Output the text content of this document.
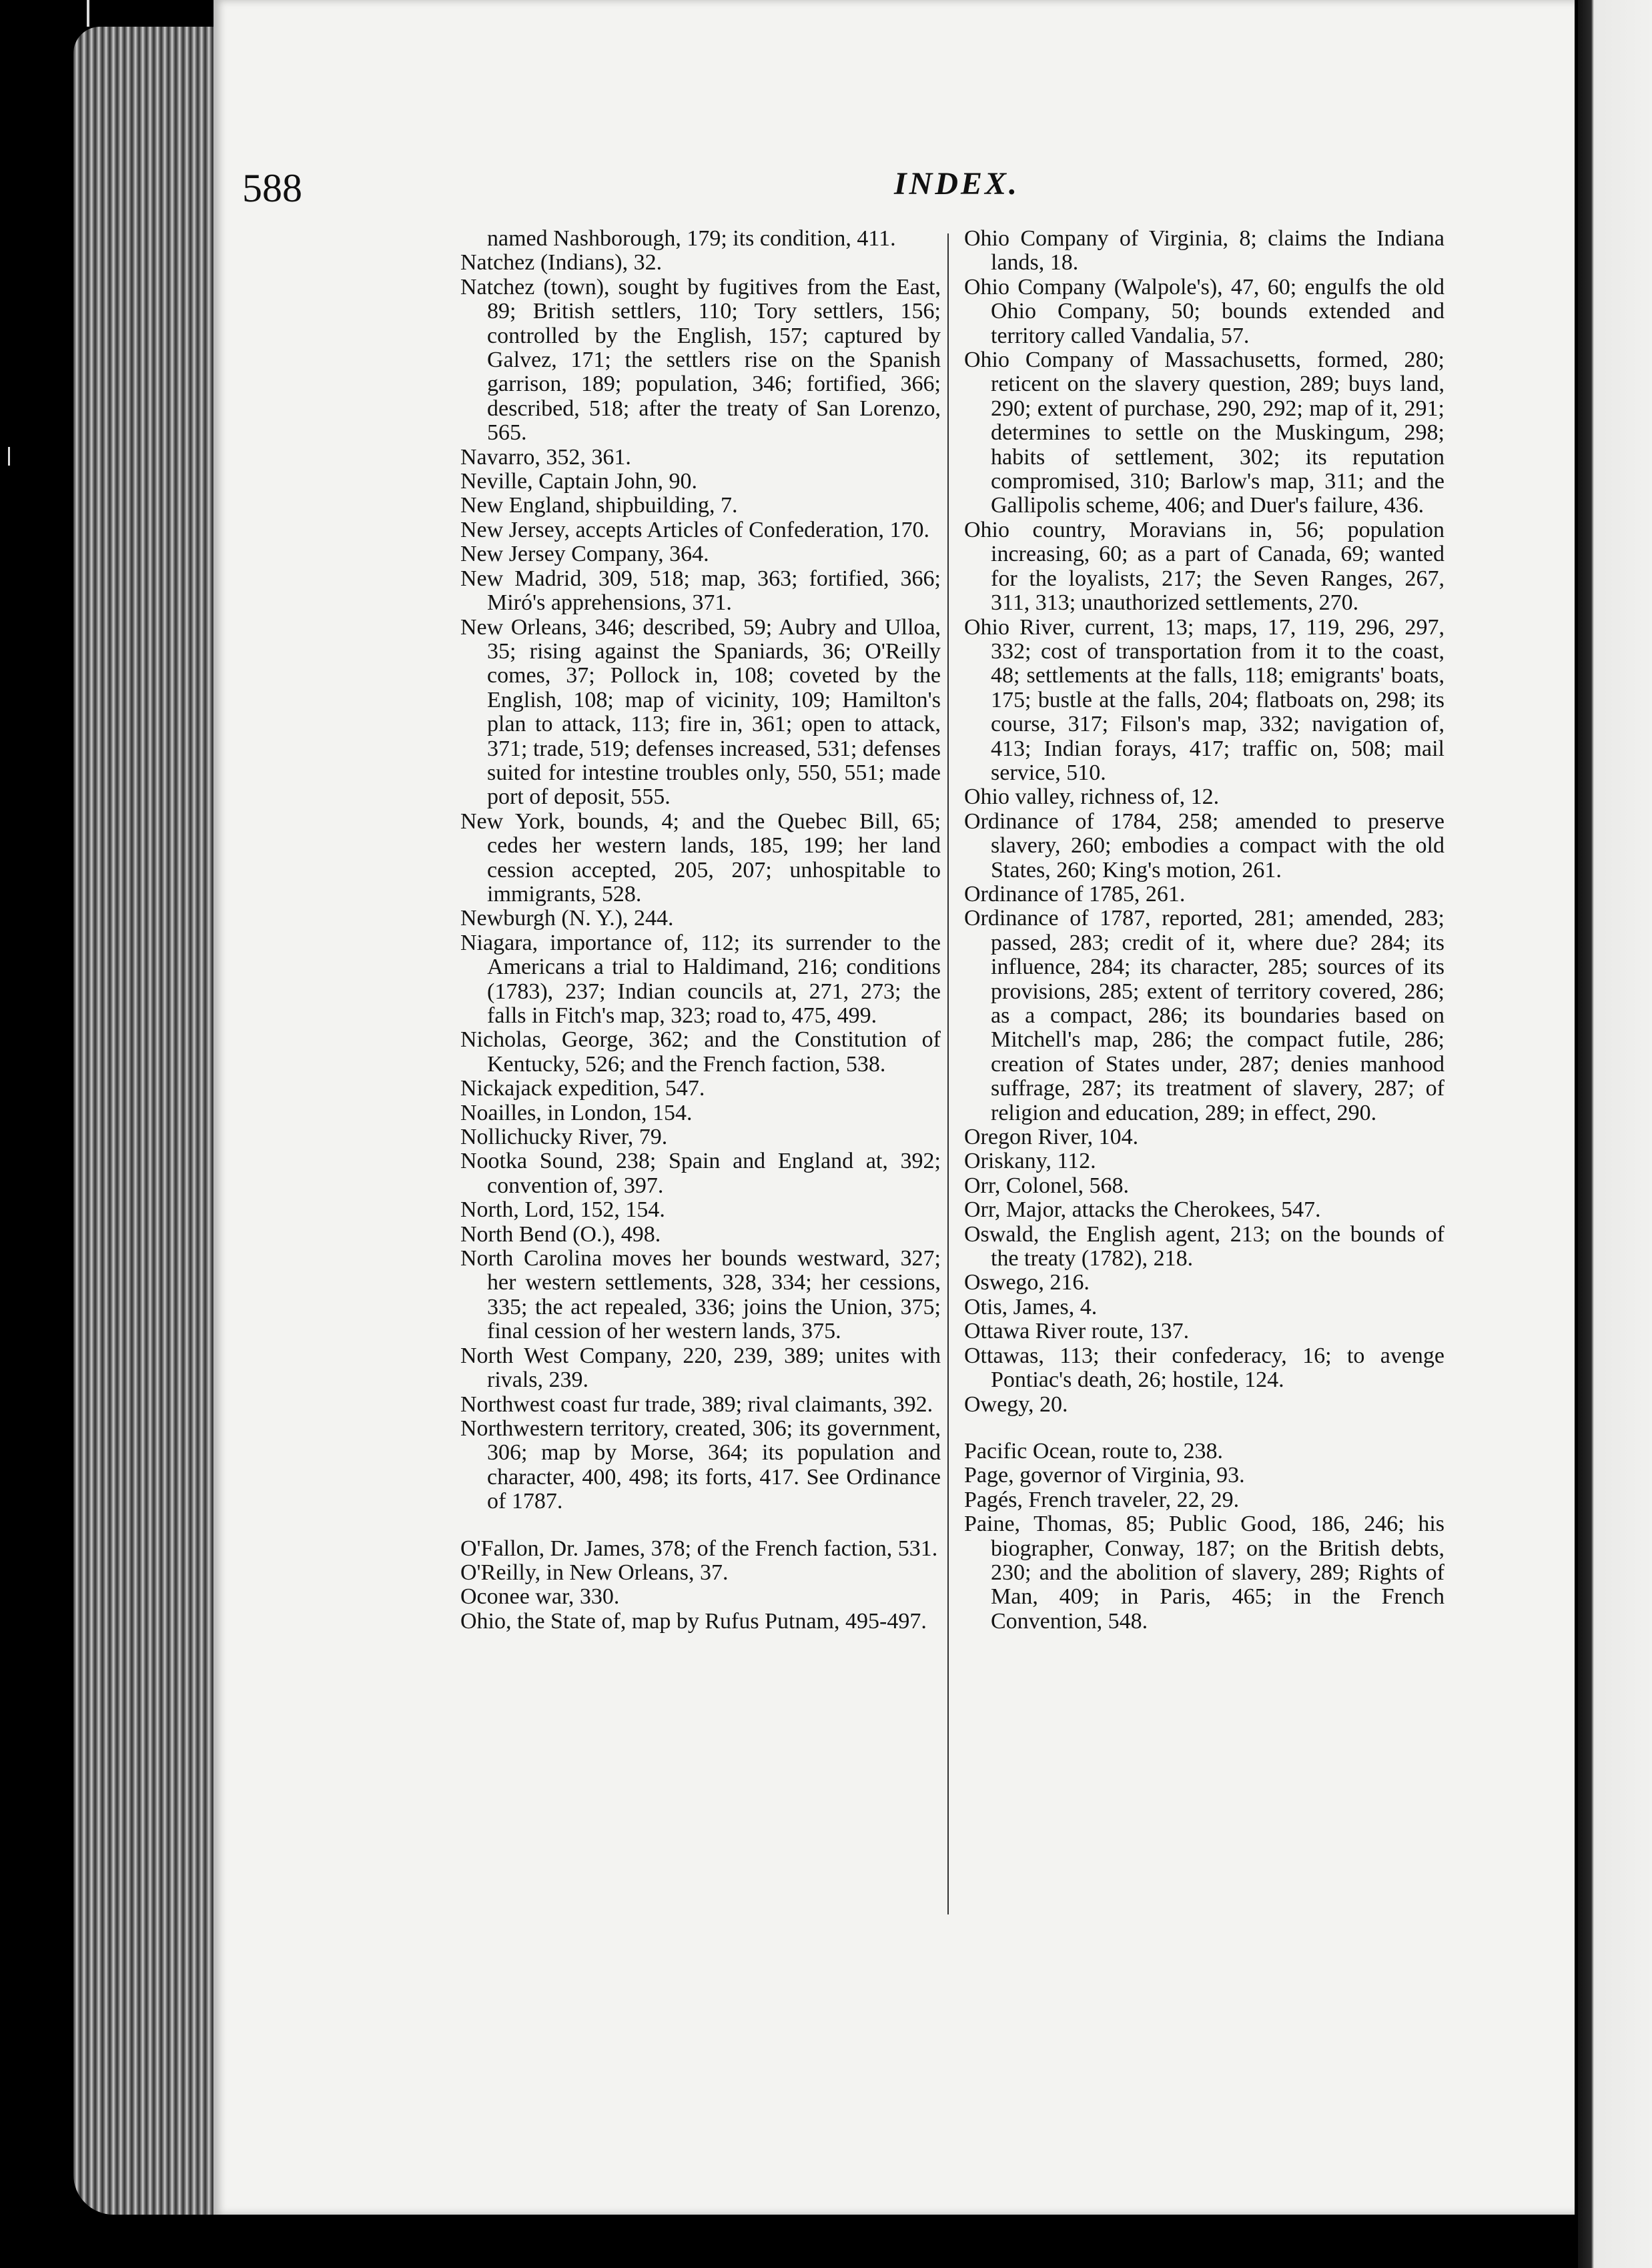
588	INDEX.

named Nashborough, 179; its condition, 411.

Natchez (Indians), 32.

Natchez (town), sought by fugitives from the East, 89; British settlers, 110; Tory settlers, 156; controlled by the English, 157; captured by Galvez, 171; the settlers rise on the Spanish garrison, 189; population, 346; fortified, 366; described, 518; after the treaty of San Lorenzo, 565.

Navarro, 352, 361.

Neville, Captain John, 90.

New England, shipbuilding, 7.

New Jersey, accepts Articles of Confederation, 170.

New Jersey Company, 364.

New Madrid, 309, 518; map, 363; fortified, 366; Miró's apprehensions, 371.

New Orleans, 346; described, 59; Aubry and Ulloa, 35; rising against the Spaniards, 36; O'Reilly comes, 37; Pollock in, 108; coveted by the English, 108; map of vicinity, 109; Hamilton's plan to attack, 113; fire in, 361; open to attack, 371; trade, 519; defenses increased, 531; defenses suited for intestine troubles only, 550, 551; made port of deposit, 555.

New York, bounds, 4; and the Quebec Bill, 65; cedes her western lands, 185, 199; her land cession accepted, 205, 207; unhospitable to immigrants, 528.

Newburgh (N. Y.), 244.

Niagara, importance of, 112; its surrender to the Americans a trial to Haldimand, 216; conditions (1783), 237; Indian councils at, 271, 273; the falls in Fitch's map, 323; road to, 475, 499.

Nicholas, George, 362; and the Constitution of Kentucky, 526; and the French faction, 538.

Nickajack expedition, 547.

Noailles, in London, 154.

Nollichucky River, 79.

Nootka Sound, 238; Spain and England at, 392; convention of, 397.

North, Lord, 152, 154.

North Bend (O.), 498.

North Carolina moves her bounds westward, 327; her western settlements, 328, 334; her cessions, 335; the act repealed, 336; joins the Union, 375; final cession of her western lands, 375.

North West Company, 220, 239, 389; unites with rivals, 239.

Northwest coast fur trade, 389; rival claimants, 392.

Northwestern territory, created, 306; its government, 306; map by Morse, 364; its population and character, 400, 498; its forts, 417. See Ordinance of 1787.

O'Fallon, Dr. James, 378; of the French faction, 531.

O'Reilly, in New Orleans, 37.

Oconee war, 330.

Ohio, the State of, map by Rufus Putnam, 495-497.

Ohio Company of Virginia, 8; claims the Indiana lands, 18.

Ohio Company (Walpole's), 47, 60; engulfs the old Ohio Company, 50; bounds extended and territory called Vandalia, 57.

Ohio Company of Massachusetts, formed, 280; reticent on the slavery question, 289; buys land, 290; extent of purchase, 290, 292; map of it, 291; determines to settle on the Muskingum, 298; habits of settlement, 302; its reputation compromised, 310; Barlow's map, 311; and the Gallipolis scheme, 406; and Duer's failure, 436.

Ohio country, Moravians in, 56; population increasing, 60; as a part of Canada, 69; wanted for the loyalists, 217; the Seven Ranges, 267, 311, 313; unauthorized settlements, 270.

Ohio River, current, 13; maps, 17, 119, 296, 297, 332; cost of transportation from it to the coast, 48; settlements at the falls, 118; emigrants' boats, 175; bustle at the falls, 204; flatboats on, 298; its course, 317; Filson's map, 332; navigation of, 413; Indian forays, 417; traffic on, 508; mail service, 510.

Ohio valley, richness of, 12.

Ordinance of 1784, 258; amended to preserve slavery, 260; embodies a compact with the old States, 260; King's motion, 261.

Ordinance of 1785, 261.

Ordinance of 1787, reported, 281; amended, 283; passed, 283; credit of it, where due? 284; its influence, 284; its character, 285; sources of its provisions, 285; extent of territory covered, 286; as a compact, 286; its boundaries based on Mitchell's map, 286; the compact futile, 286; creation of States under, 287; denies manhood suffrage, 287; its treatment of slavery, 287; of religion and education, 289; in effect, 290.

Oregon River, 104.

Oriskany, 112.

Orr, Colonel, 568.

Orr, Major, attacks the Cherokees, 547.

Oswald, the English agent, 213; on the bounds of the treaty (1782), 218.

Oswego, 216.

Otis, James, 4.

Ottawa River route, 137.

Ottawas, 113; their confederacy, 16; to avenge Pontiac's death, 26; hostile, 124.

Owegy, 20.

Pacific Ocean, route to, 238.

Page, governor of Virginia, 93.

Pagés, French traveler, 22, 29.

Paine, Thomas, 85; Public Good, 186, 246; his biographer, Conway, 187; on the British debts, 230; and the abolition of slavery, 289; Rights of Man, 409; in Paris, 465; in the French Convention, 548.
